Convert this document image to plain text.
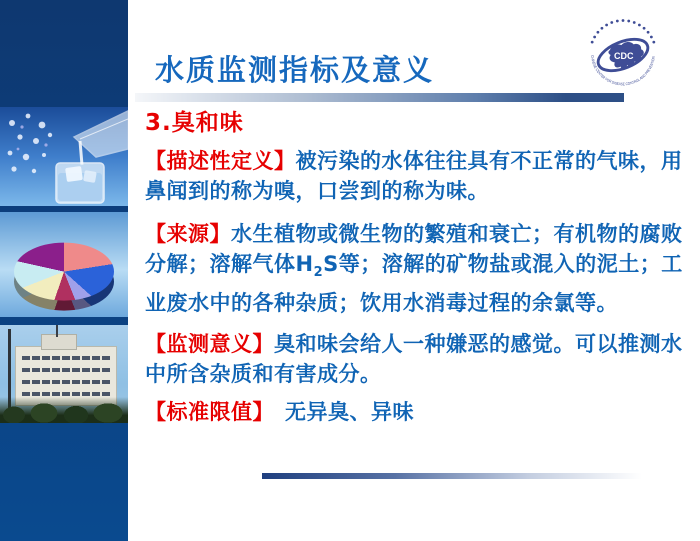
水质监测指标及意义	CDC
CHINESE CENTER FOR DISEASE CONTROL AND PREVENTION
3.臭和味

【描述性定义】被污染的水体往往具有不正常的气味，用鼻闻到的称为嗅，口尝到的称为味。

【来源】水生植物或微生物的繁殖和衰亡；有机物的腐败分解；溶解气体$H_2S$等；溶解的矿物盐或混入的泥土；工业废水中的各种杂质；饮用水消毒过程的余氯等。

【监测意义】臭和味会给人一种嫌恶的感觉。可以推测水中所含杂质和有害成分。

【标准限值】　无异臭、异味
